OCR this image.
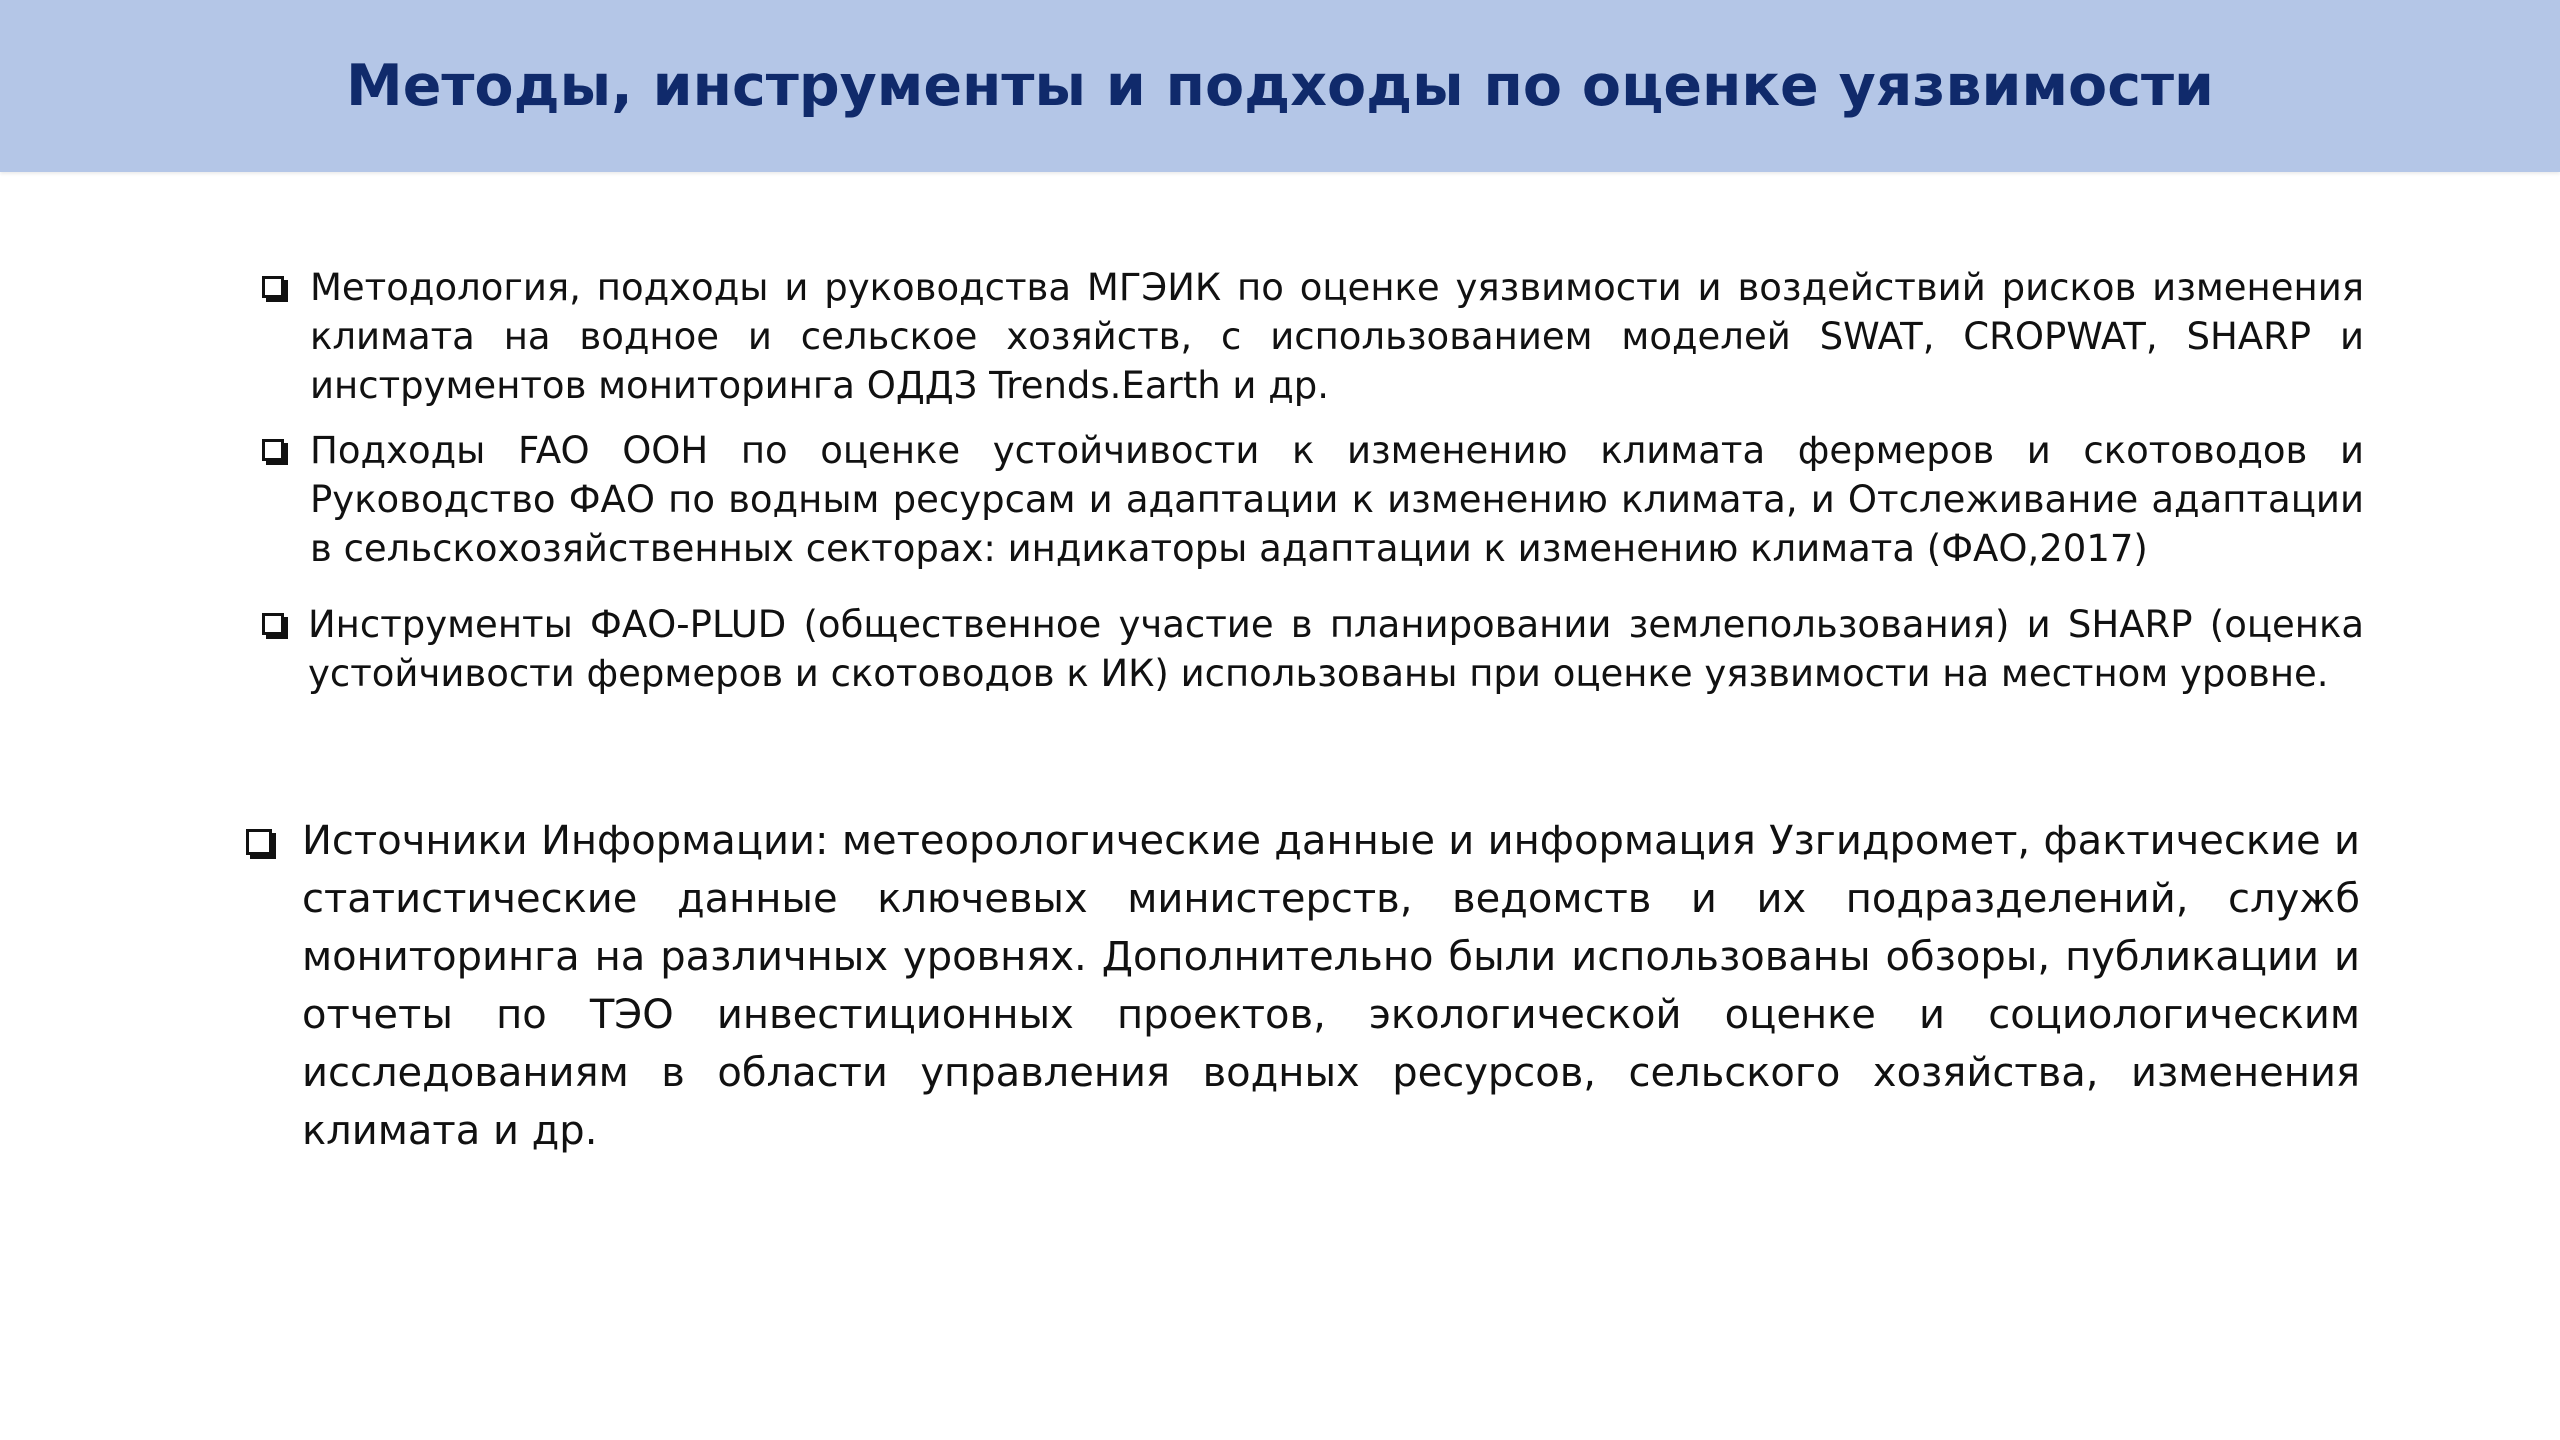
Методы, инструменты и подходы по оценке уязвимости
Методология, подходы и руководства МГЭИК по оценке уязвимости и воздействий рисков изменения климата на водное и сельское хозяйств, с использованием моделей SWAT, CROPWAT, SHARP и инструментов мониторинга ОДДЗ Trends.Earth и др.
Подходы FAO ООН по оценке устойчивости к изменению климата фермеров и скотоводов и Руководство ФАО по водным ресурсам и адаптации к изменению климата, и Отслеживание адаптации в сельскохозяйственных секторах: индикаторы адаптации к изменению климата (ФАО,2017)
Инструменты ФАО-PLUD (общественное участие в планировании землепользования) и SHARP (оценка устойчивости фермеров и скотоводов к ИК) использованы при оценке уязвимости на местном уровне.
Источники Информации: метеорологические данные и информация Узгидромет, фактические и статистические данные ключевых министерств, ведомств и их подразделений, служб мониторинга на различных уровнях. Дополнительно были использованы обзоры, публикации и отчеты по ТЭО инвестиционных проектов, экологической оценке и социологическим исследованиям в области управления водных ресурсов, сельского хозяйства, изменения климата и др.
